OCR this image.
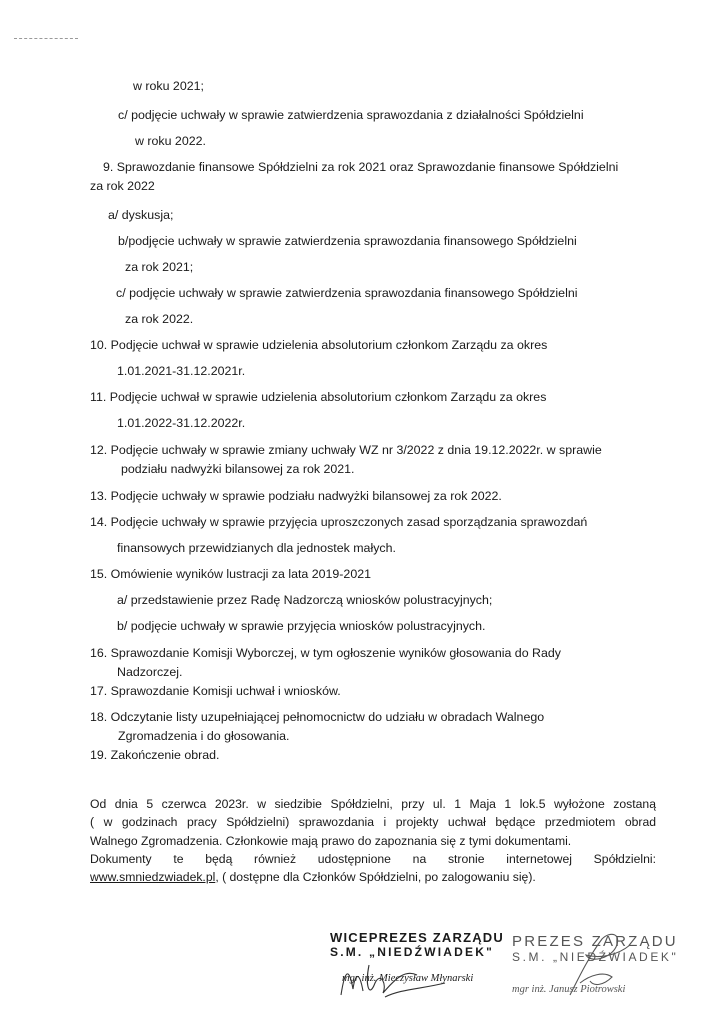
w roku 2021;
c/ podjęcie uchwały w sprawie zatwierdzenia sprawozdania z działalności Spółdzielni
w roku 2022.
9. Sprawozdanie finansowe Spółdzielni za rok 2021 oraz Sprawozdanie finansowe Spółdzielni
za rok 2022
a/ dyskusja;
b/podjęcie uchwały w sprawie zatwierdzenia sprawozdania finansowego Spółdzielni
za rok 2021;
c/ podjęcie uchwały w sprawie zatwierdzenia sprawozdania finansowego Spółdzielni
za rok 2022.
10. Podjęcie uchwał w sprawie udzielenia absolutorium członkom Zarządu za okres
1.01.2021-31.12.2021r.
11. Podjęcie uchwał w sprawie udzielenia absolutorium członkom Zarządu za okres
1.01.2022-31.12.2022r.
12. Podjęcie uchwały w sprawie zmiany uchwały WZ nr 3/2022 z dnia 19.12.2022r. w sprawie
podziału nadwyżki bilansowej za rok 2021.
13. Podjęcie uchwały w sprawie podziału nadwyżki bilansowej za rok 2022.
14. Podjęcie uchwały w sprawie przyjęcia uproszczonych zasad sporządzania sprawozdań
finansowych przewidzianych dla jednostek małych.
15. Omówienie wyników lustracji za lata 2019-2021
a/ przedstawienie przez Radę Nadzorczą wniosków polustracyjnych;
b/ podjęcie uchwały w sprawie przyjęcia wniosków polustracyjnych.
16. Sprawozdanie Komisji Wyborczej, w tym ogłoszenie wyników głosowania do Rady
Nadzorczej.
17. Sprawozdanie Komisji uchwał i wniosków.
18. Odczytanie listy uzupełniającej pełnomocnictw do udziału w obradach Walnego
Zgromadzenia i do głosowania.
19. Zakończenie obrad.
Od dnia 5 czerwca 2023r. w siedzibie Spółdzielni, przy ul. 1 Maja 1 lok.5 wyłożone zostaną
( w godzinach pracy Spółdzielni) sprawozdania i projekty uchwał będące przedmiotem obrad
Walnego Zgromadzenia. Członkowie mają prawo do zapoznania się z tymi dokumentami.
Dokumenty te będą również udostępnione na stronie internetowej Spółdzielni:
www.smniedzwiadek.pl, ( dostępne dla Członków Spółdzielni, po zalogowaniu się).
WICEPREZES ZARZĄDU
S.M. „NIEDŹWIADEK"
mgr inż. Mieczysław Młynarski
PREZES ZARZĄDU
S.M. „NIEDŹWIADEK"
mgr inż. Janusz Piotrowski
